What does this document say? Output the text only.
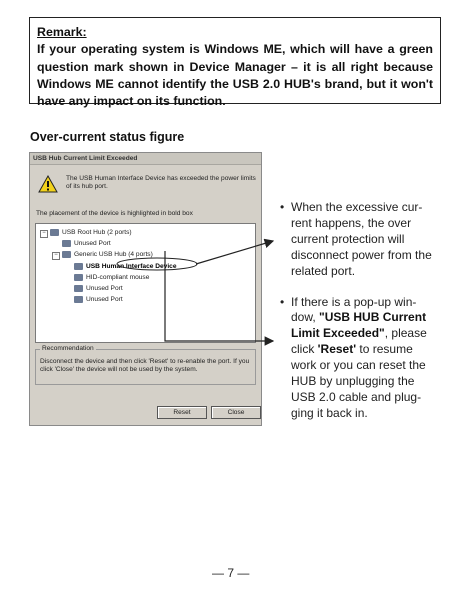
Remark:
If your operating system is Windows ME, which will have a green question mark shown in Device Manager – it is all right because Windows ME cannot identify the USB 2.0 HUB's brand, but it won't have any impact on its function.
Over-current status figure
USB Hub Current Limit Exceeded
The USB Human Interface Device has exceeded the power limits of its hub port.
The placement of the device is highlighted in bold box
−	USB Root Hub (2 ports)
Unused Port
−	Generic USB Hub (4 ports)
USB Human Interface Device
HID-compliant mouse
Unused Port
Unused Port
Recommendation
Disconnect the device and then click 'Reset' to re-enable the port. If you click 'Close' the device will not be used by the system.
Reset	Close
• When the excessive cur-rent happens, the over current protection will disconnect power from the related port.
• If there is a pop-up win-dow, "USB HUB Current Limit Exceeded", please click 'Reset' to resume work or you can reset the HUB by unplugging the USB 2.0 cable and plug-ging it back in.
— 7 —
